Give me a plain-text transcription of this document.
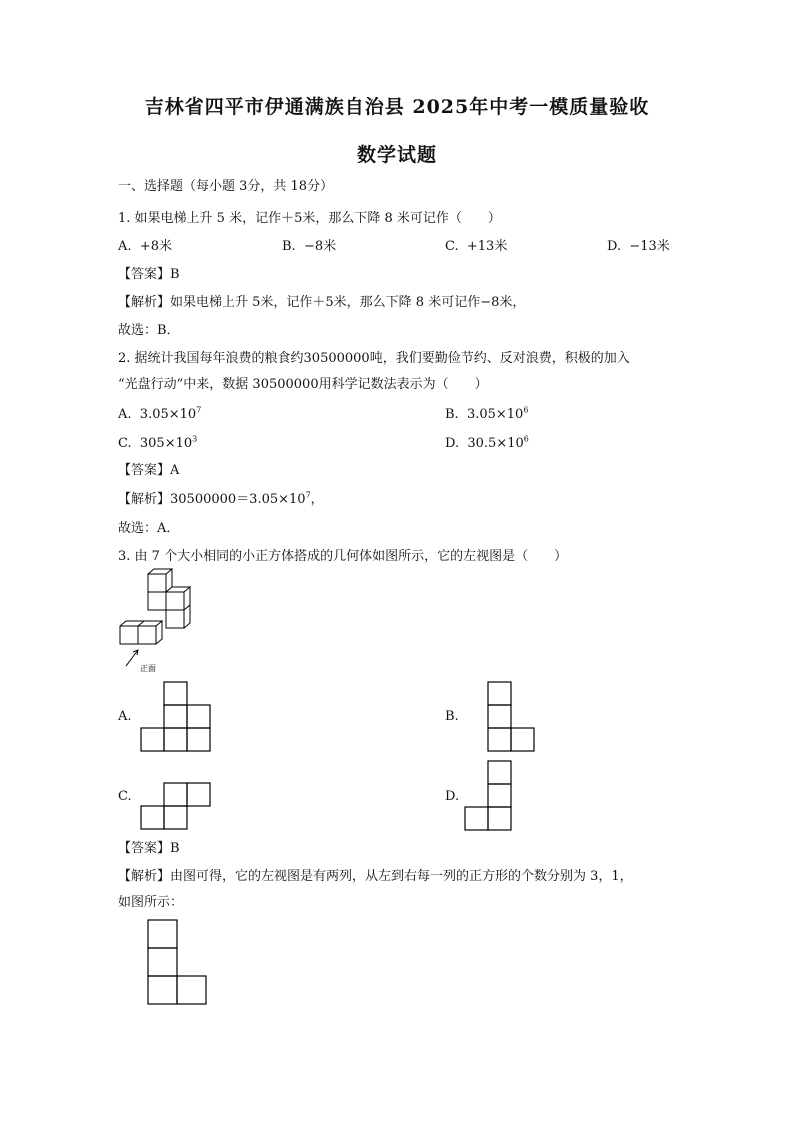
吉林省四平市伊通满族自治县 2025年中考一模质量验收
数学试题
一、选择题（每小题 3分，共 18分）
1. 如果电梯上升 5 米，记作＋5米，那么下降 8 米可记作（　　）
A. +8米	B. −8米	C. +13米	D. −13米
【答案】B
【解析】如果电梯上升 5米，记作＋5米，那么下降 8 米可记作−8米，
故选：B．
2. 据统计我国每年浪费的粮食约30500000吨，我们要勤俭节约、反对浪费，积极的加入
“光盘行动”中来，数据 30500000用科学记数法表示为（　　）
A. $3.05\times 10^7$	B. $3.05\times 10^6$
C. $305\times 10^3$	D. $30.5\times 10^6$
【答案】A
【解析】$30500000=3.05\times 10^7$，
故选：A．
3. 由 7 个大小相同的小正方体搭成的几何体如图所示，它的左视图是（　　）
正面
A.	B.
C.	D.
【答案】B
【解析】由图可得，它的左视图是有两列，从左到右每一列的正方形的个数分别为 3，1，
如图所示：
